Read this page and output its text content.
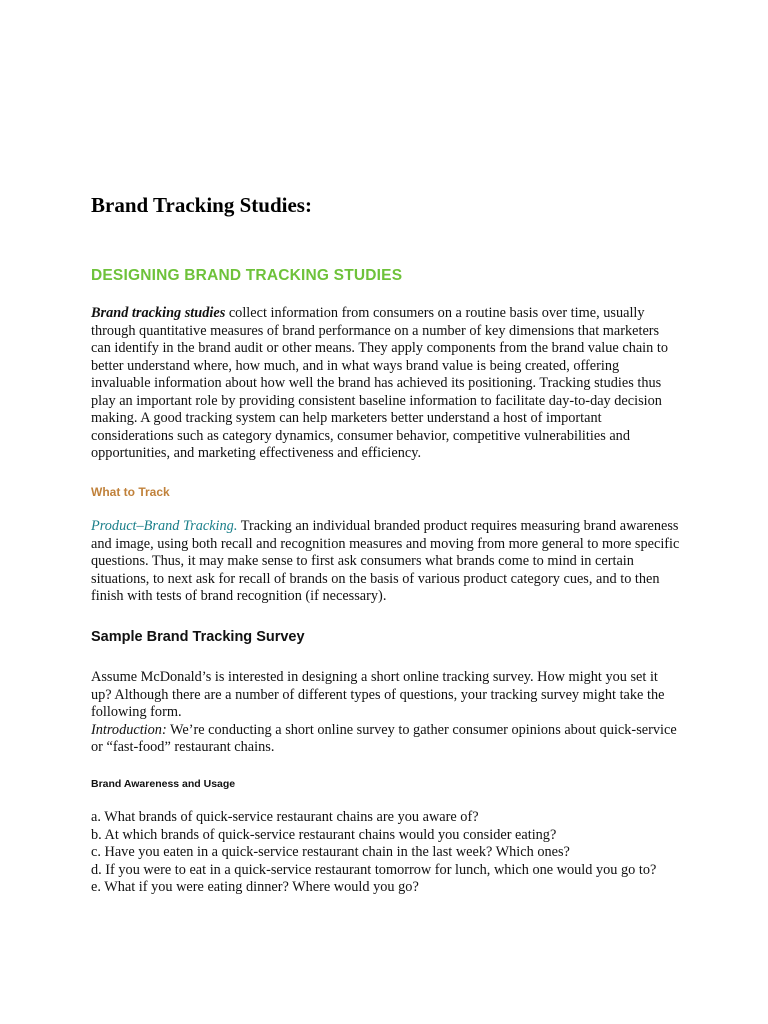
Brand Tracking Studies:
DESIGNING BRAND TRACKING STUDIES

Brand tracking studies collect information from consumers on a routine basis over time, usually through quantitative measures of brand performance on a number of key dimensions that marketers can identify in the brand audit or other means. They apply components from the brand value chain to better understand where, how much, and in what ways brand value is being created, offering invaluable information about how well the brand has achieved its positioning. Tracking studies thus play an important role by providing consistent baseline information to facilitate day-to-day decision making. A good tracking system can help marketers better understand a host of important considerations such as category dynamics, consumer behavior, competitive vulnerabilities and opportunities, and marketing effectiveness and efficiency.

What to Track

Product–Brand Tracking. Tracking an individual branded product requires measuring brand awareness and image, using both recall and recognition measures and moving from more general to more specific questions. Thus, it may make sense to first ask consumers what brands come to mind in certain situations, to next ask for recall of brands on the basis of various product category cues, and to then finish with tests of brand recognition (if necessary).

Sample Brand Tracking Survey

Assume McDonald’s is interested in designing a short online tracking survey. How might you set it up? Although there are a number of different types of questions, your tracking survey might take the following form.
Introduction: We’re conducting a short online survey to gather consumer opinions about quick-service or “fast-food” restaurant chains.

Brand Awareness and Usage
a. What brands of quick-service restaurant chains are you aware of?
b. At which brands of quick-service restaurant chains would you consider eating?
c. Have you eaten in a quick-service restaurant chain in the last week? Which ones?
d. If you were to eat in a quick-service restaurant tomorrow for lunch, which one would you go to?
e. What if you were eating dinner? Where would you go?
